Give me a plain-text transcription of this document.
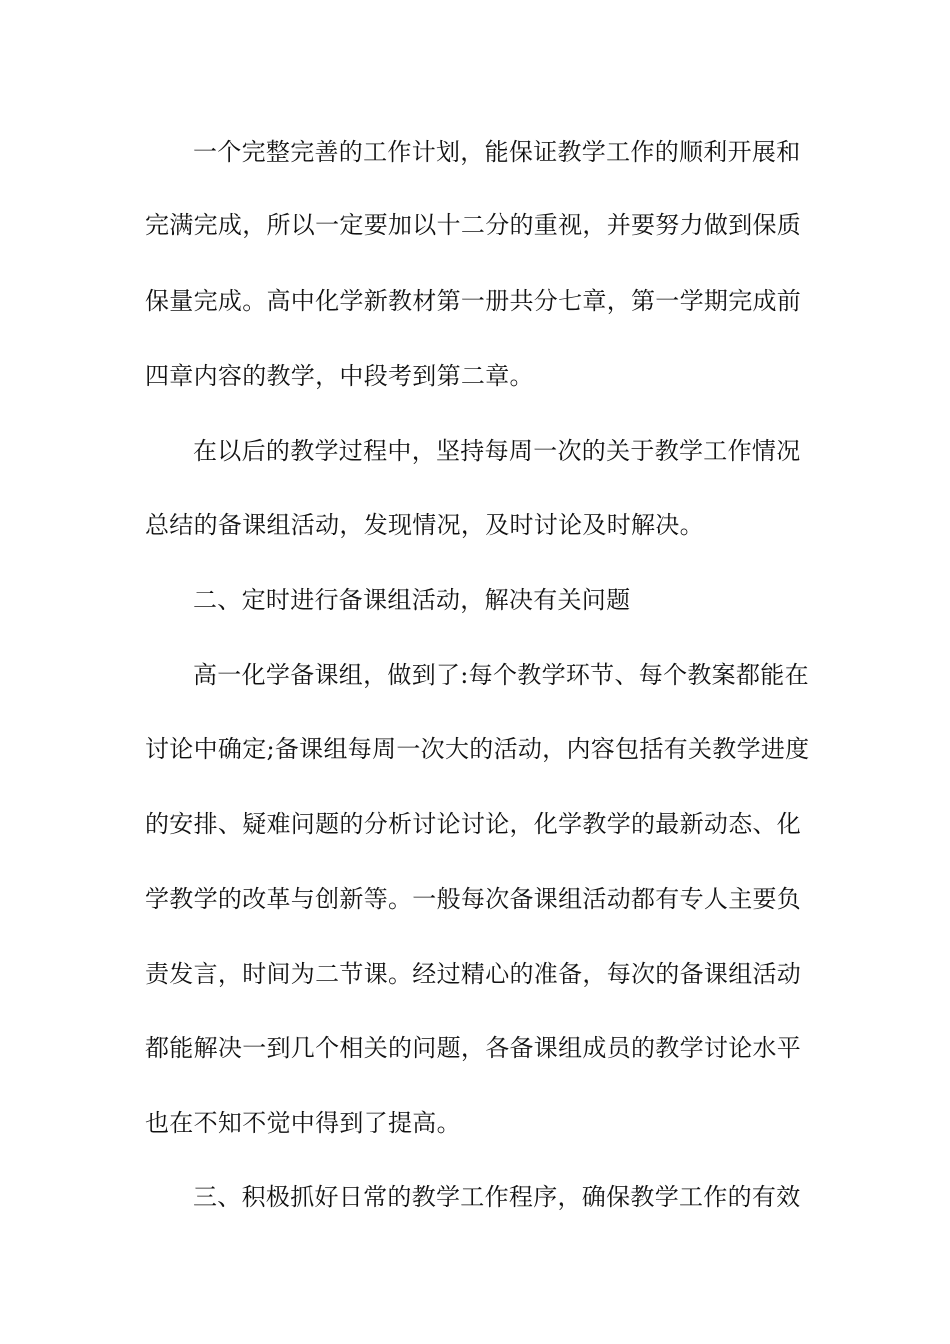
一个完整完善的工作计划，能保证教学工作的顺利开展和
完满完成，所以一定要加以十二分的重视，并要努力做到保质
保量完成。高中化学新教材第一册共分七章，第一学期完成前
四章内容的教学，中段考到第二章。
在以后的教学过程中，坚持每周一次的关于教学工作情况
总结的备课组活动，发现情况，及时讨论及时解决。
二、定时进行备课组活动，解决有关问题
高一化学备课组，做到了:每个教学环节、每个教案都能在
讨论中确定;备课组每周一次大的活动，内容包括有关教学进度
的安排、疑难问题的分析讨论讨论，化学教学的最新动态、化
学教学的改革与创新等。一般每次备课组活动都有专人主要负
责发言，时间为二节课。经过精心的准备，每次的备课组活动
都能解决一到几个相关的问题，各备课组成员的教学讨论水平
也在不知不觉中得到了提高。
三、积极抓好日常的教学工作程序，确保教学工作的有效
